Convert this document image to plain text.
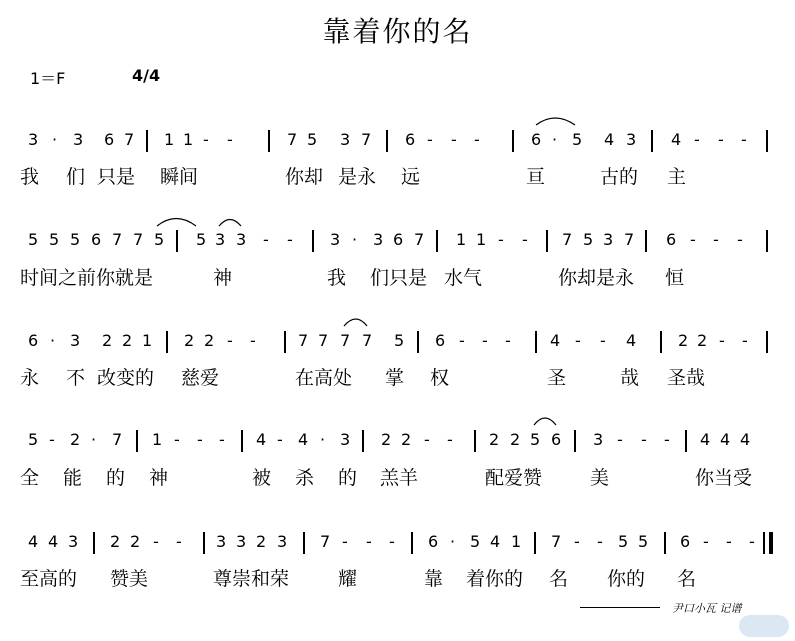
靠着你的名
1＝F	4/4
3 · 3 6 7 1 1 - -	7 5 3 7 6 - - -	6 · 5 4 3 4 - - -
我 们 只是 瞬间	你却 是永 远	亘	古的 主
5 5 5 6 7 7 5 5 3 3 - - 3 · 3 6 7 1 1 - - 7 5 3 7 6 - - -
时间之前你就是	神	我 们只是 水气	你却是永 恒
6 · 3 2 2 1 2 2 - -	7 7 7 7 5 6 - - - 4 - - 4	2 2 - -
永 不 改变的 慈爱	在高处 掌 权	圣	哉 圣哉
5 - 2 · 7 1 - - - 4 - 4 · 3 2 2 - - 2 2 5 6 3 - - - 4 4 4
全 能 的 神	被 杀 的 羔羊	配爱赞	美	你当受
4 4 3 2 2 - - 3 3 2 3 7 - - - 6 · 5 4 1 7 - - 5 5 6 - - -
至高的 赞美	尊崇和荣	耀	靠 着你的 名 你的 名
尹口小瓦 记谱
